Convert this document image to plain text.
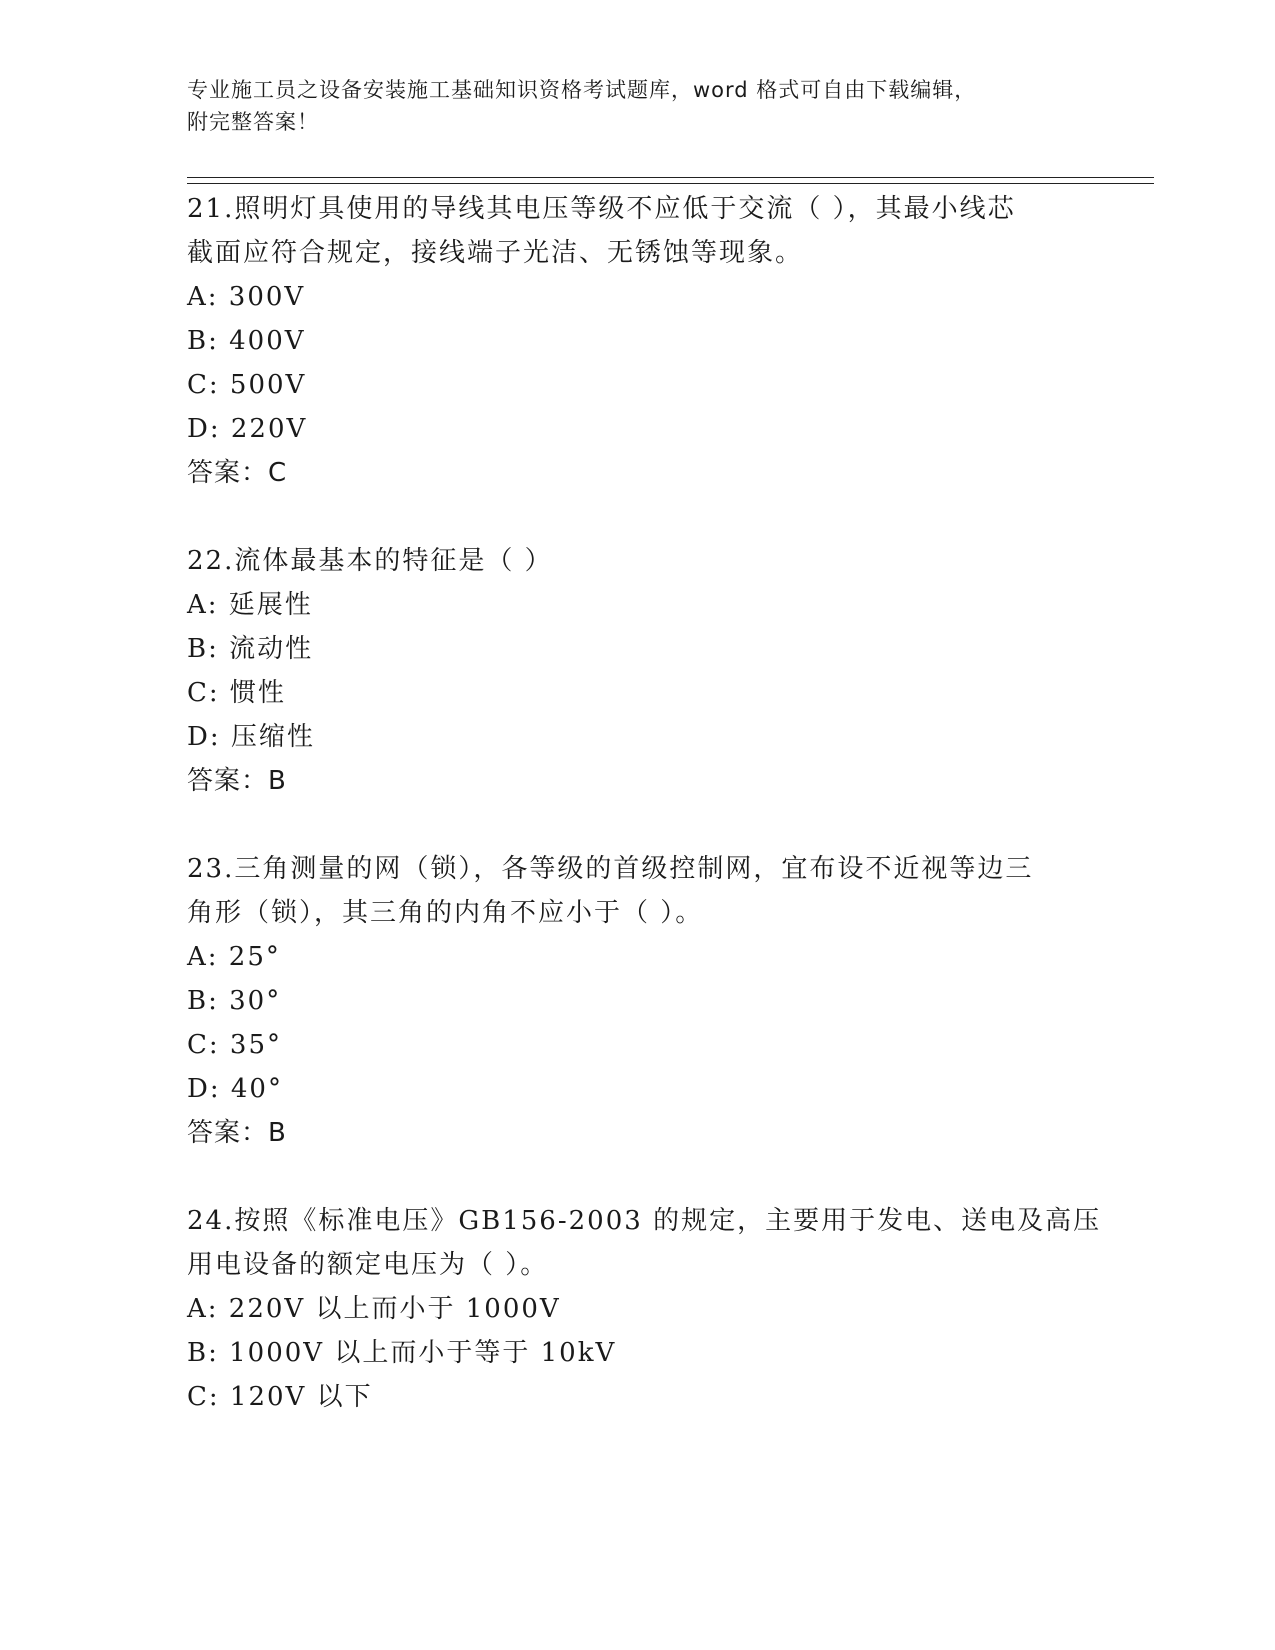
专业施工员之设备安装施工基础知识资格考试题库，word 格式可自由下载编辑，
附完整答案！
21.照明灯具使用的导线其电压等级不应低于交流（ ），其最小线芯
截面应符合规定，接线端子光洁、无锈蚀等现象。
A: 300V
B: 400V
C: 500V
D: 220V
答案：C
22.流体最基本的特征是（ ）
A: 延展性
B: 流动性
C: 惯性
D: 压缩性
答案：B
23.三角测量的网（锁），各等级的首级控制网，宜布设不近视等边三
角形（锁），其三角的内角不应小于（ ）。
A: 25°
B: 30°
C: 35°
D: 40°
答案：B
24.按照《标准电压》GB156-2003 的规定，主要用于发电、送电及高压
用电设备的额定电压为（ ）。
A: 220V 以上而小于 1000V
B: 1000V 以上而小于等于 10kV
C: 120V 以下
